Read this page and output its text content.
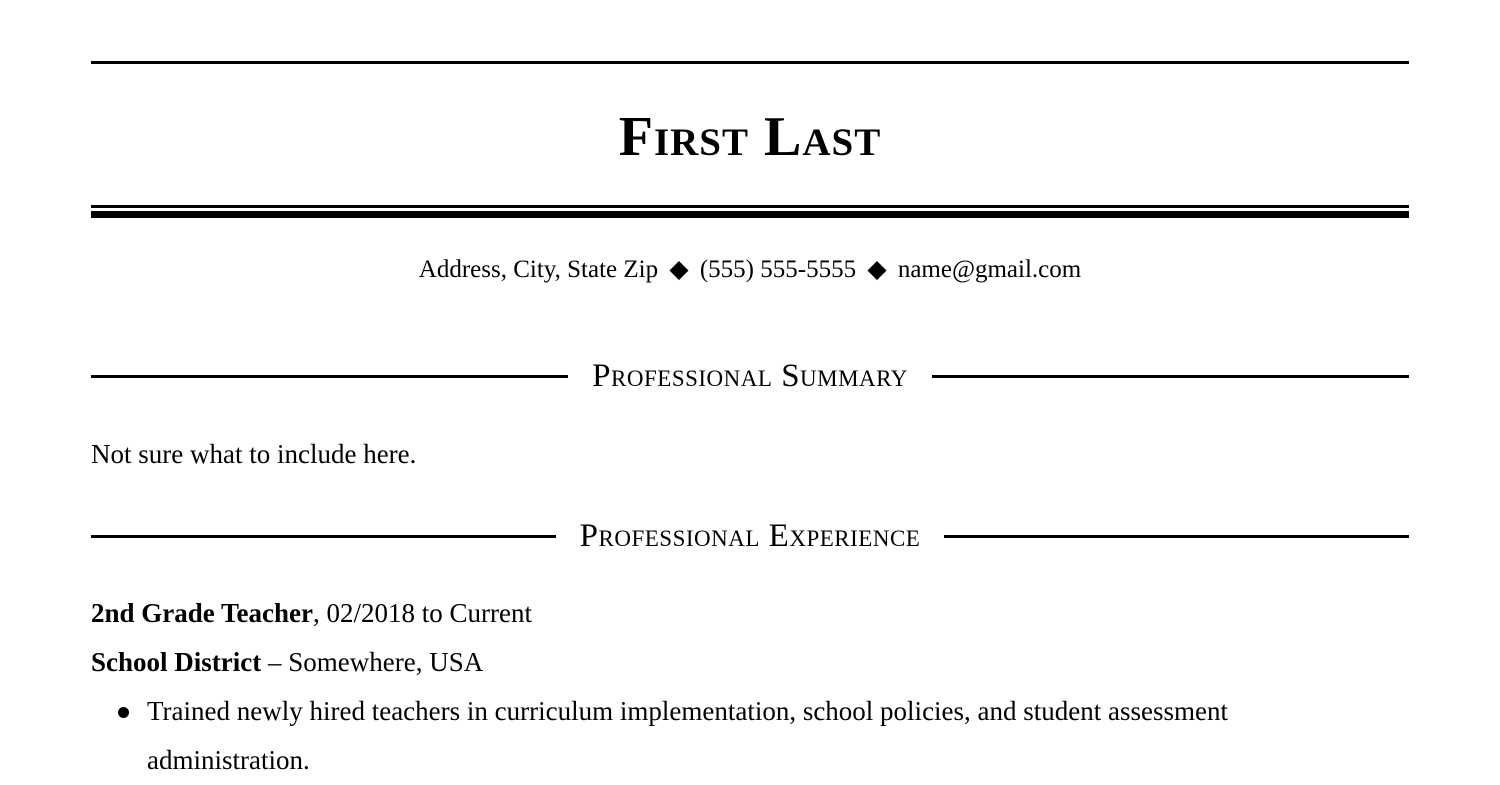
First Last
Address, City, State Zip ◆ (555) 555-5555 ◆ name@gmail.com
Professional Summary
Not sure what to include here.
Professional Experience
2nd Grade Teacher, 02/2018 to Current
School District – Somewhere, USA
Trained newly hired teachers in curriculum implementation, school policies, and student assessment administration.
